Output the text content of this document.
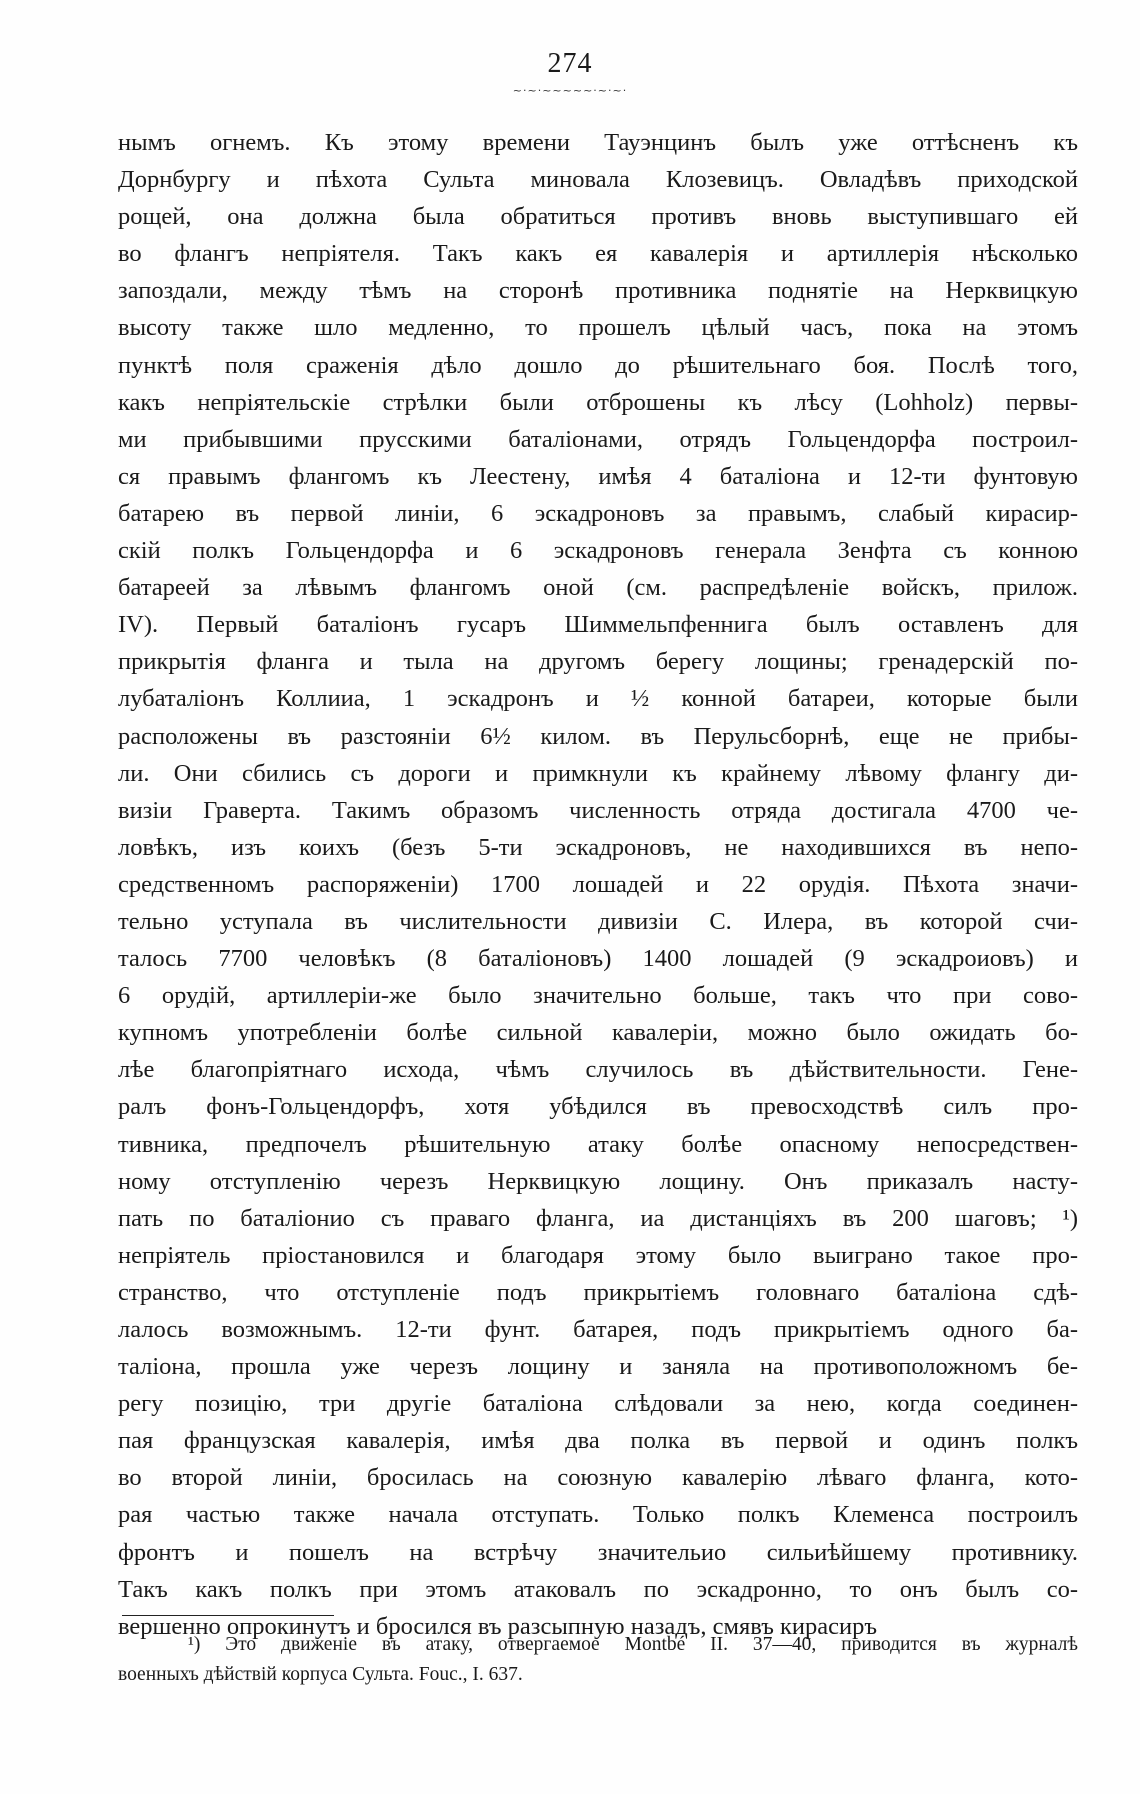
274
~·~·~~~~~·~·~·
нымъ огнемъ. Къ этому времени Тауэнцинъ былъ уже оттѣсненъ къ
Дорнбургу и пѣхота Сульта миновала Клозевицъ. Овладѣвъ приходской
рощей, она должна была обратиться противъ вновь выступившаго ей
во флангъ непріятеля. Такъ какъ ея кавалерія и артиллерія нѣсколько
запоздали, между тѣмъ на сторонѣ противника поднятіе на Нерквицкую
высоту также шло медленно, то прошелъ цѣлый часъ, пока на этомъ
пунктѣ поля сраженія дѣло дошло до рѣшительнаго боя. Послѣ того,
какъ непріятельскіе стрѣлки были отброшены къ лѣсу (Lohholz) первы-
ми прибывшими прусскими баталіонами, отрядъ Гольцендорфа построил-
ся правымъ флангомъ къ Леестену, имѣя 4 баталіона и 12-ти фунтовую
батарею въ первой линіи, 6 эскадроновъ за правымъ, слабый кирасир-
скій полкъ Гольцендорфа и 6 эскадроновъ генерала Зенфта съ конною
батареей за лѣвымъ флангомъ оной (см. распредѣленіе войскъ, прилож.
IV). Первый баталіонъ гусаръ Шиммельпфеннига былъ оставленъ для
прикрытія фланга и тыла на другомъ берегу лощины; гренадерскій по-
лубаталіонъ Коллииа, 1 эскадронъ и ½ конной батареи, которые были
расположены въ разстояніи 6½ килом. въ Перульсборнѣ, еще не прибы-
ли. Они сбились съ дороги и примкнули къ крайнему лѣвому флангу ди-
визіи Граверта. Такимъ образомъ численность отряда достигала 4700 че-
ловѣкъ, изъ коихъ (безъ 5-ти эскадроновъ, не находившихся въ непо-
средственномъ распоряженіи) 1700 лошадей и 22 орудія. Пѣхота значи-
тельно уступала въ числительности дивизіи С. Илера, въ которой счи-
талось 7700 человѣкъ (8 баталіоновъ) 1400 лошадей (9 эскадроиовъ) и
6 орудій, артиллеріи-же было значительно больше, такъ что при сово-
купномъ употребленіи болѣе сильной кавалеріи, можно было ожидать бо-
лѣе благопріятнаго исхода, чѣмъ случилось въ дѣйствительности. Гене-
ралъ фонъ-Гольцендорфъ, хотя убѣдился въ превосходствѣ силъ про-
тивника, предпочелъ рѣшительную атаку болѣе опасному непосредствен-
ному отступленію черезъ Нерквицкую лощину. Онъ приказалъ насту-
пать по баталіонио съ праваго фланга, иа дистанціяхъ въ 200 шаговъ; ¹)
непріятель пріостановился и благодаря этому было выиграно такое про-
странство, что отступленіе подъ прикрытіемъ головнаго баталіона сдѣ-
лалось возможнымъ. 12-ти фунт. батарея, подъ прикрытіемъ одного ба-
таліона, прошла уже черезъ лощину и заняла на противоположномъ бе-
регу позицію, три другіе баталіона слѣдовали за нею, когда соединен-
пая французская кавалерія, имѣя два полка въ первой и одинъ полкъ
во второй линіи, бросилась на союзную кавалерію лѣваго фланга, кото-
рая частью также начала отступать. Только полкъ Клеменса построилъ
фронтъ и пошелъ на встрѣчу значительио сильиѣйшему противнику.
Такъ какъ полкъ при этомъ атаковалъ по эскадронно, то онъ былъ со-
вершенно опрокинутъ и бросился въ разсыпную назадъ, смявъ кирасиръ
¹) Это движеніе въ атаку, отвергаемое Montbé II. 37—40, приводится въ журналѣ
военныхъ дѣйствій корпуса Сульта. Fouc., I. 637.
